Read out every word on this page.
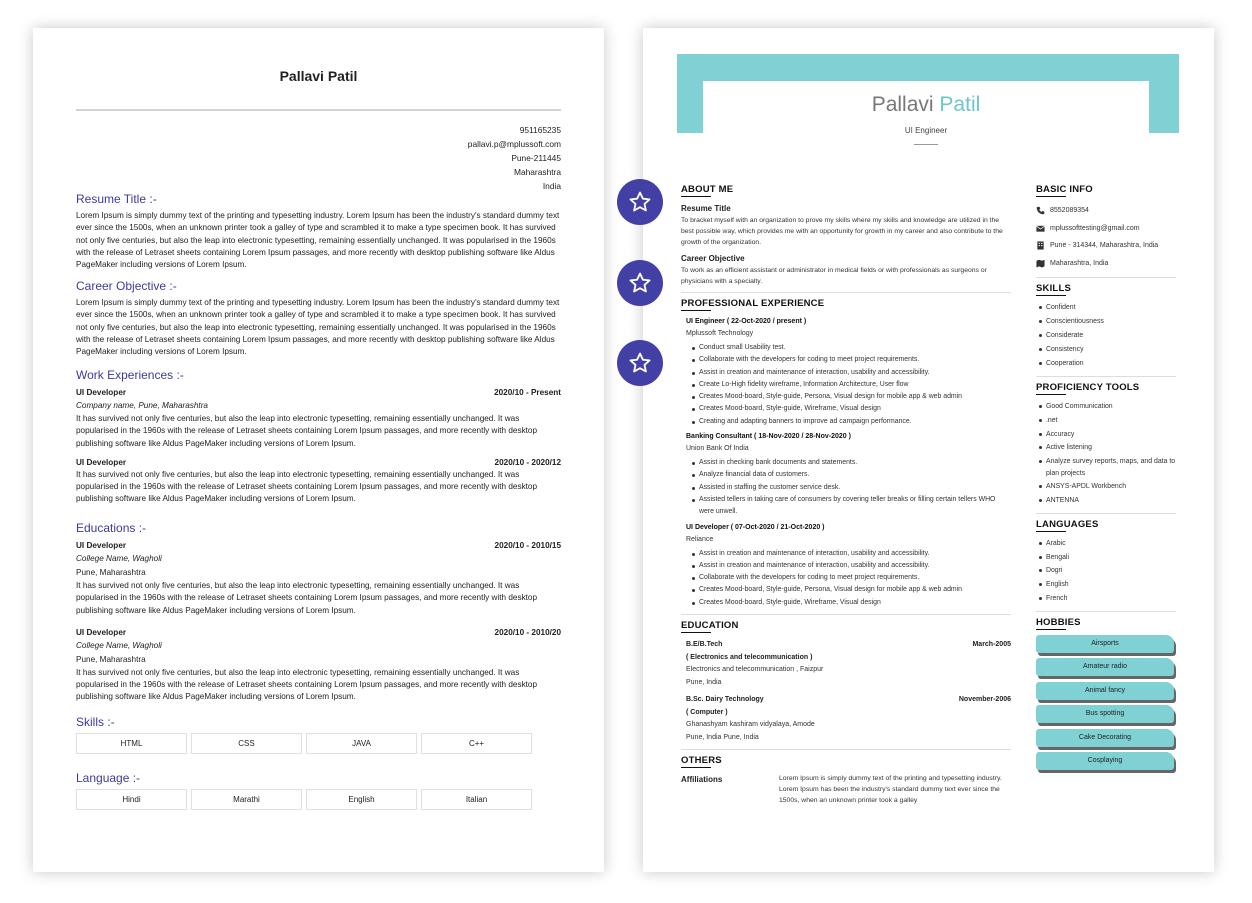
Pallavi Patil
951165235
pallavi.p@mplussoft.com
Pune-211445
Maharashtra
India
Resume Title :-
Lorem Ipsum is simply dummy text of the printing and typesetting industry. Lorem Ipsum has been the industry's standard dummy text ever since the 1500s, when an unknown printer took a galley of type and scrambled it to make a type specimen book. It has survived not only five centuries, but also the leap into electronic typesetting, remaining essentially unchanged. It was popularised in the 1960s with the release of Letraset sheets containing Lorem Ipsum passages, and more recently with desktop publishing software like Aldus PageMaker including versions of Lorem Ipsum.
Career Objective :-
Lorem Ipsum is simply dummy text of the printing and typesetting industry. Lorem Ipsum has been the industry's standard dummy text ever since the 1500s, when an unknown printer took a galley of type and scrambled it to make a type specimen book. It has survived not only five centuries, but also the leap into electronic typesetting, remaining essentially unchanged. It was popularised in the 1960s with the release of Letraset sheets containing Lorem Ipsum passages, and more recently with desktop publishing software like Aldus PageMaker including versions of Lorem Ipsum.
Work Experiences :-
UI Developer	2020/10 - Present
Company name, Pune, Maharashtra
It has survived not only five centuries, but also the leap into electronic typesetting, remaining essentially unchanged. It was popularised in the 1960s with the release of Letraset sheets containing Lorem Ipsum passages, and more recently with desktop publishing software like Aldus PageMaker including versions of Lorem Ipsum.
UI Developer	2020/10 - 2020/12
It has survived not only five centuries, but also the leap into electronic typesetting, remaining essentially unchanged. It was popularised in the 1960s with the release of Letraset sheets containing Lorem Ipsum passages, and more recently with desktop publishing software like Aldus PageMaker including versions of Lorem Ipsum.
Educations :-
UI Developer	2020/10 - 2010/15
College Name, Wagholi
Pune, Maharashtra
It has survived not only five centuries, but also the leap into electronic typesetting, remaining essentially unchanged. It was popularised in the 1960s with the release of Letraset sheets containing Lorem Ipsum passages, and more recently with desktop publishing software like Aldus PageMaker including versions of Lorem Ipsum.
UI Developer	2020/10 - 2010/20
College Name, Wagholi
Pune, Maharashtra
It has survived not only five centuries, but also the leap into electronic typesetting, remaining essentially unchanged. It was popularised in the 1960s with the release of Letraset sheets containing Lorem Ipsum passages, and more recently with desktop publishing software like Aldus PageMaker including versions of Lorem Ipsum.
Skills :-
HTML	CSS	JAVA	C++
Language :-
Hindi	Marathi	English	Italian
Pallavi Patil
UI Engineer
ABOUT ME
Resume Title
To bracket myself with an organization to prove my skills where my skills and knowledge are utilized in the best possible way, which provides me with an opportunity for growth in my career and also contribute to the growth of the organization.
Career Objective
To work as an efficient assistant or administrator in medical fields or with professionals as surgeons or physicians with a specialty.
PROFESSIONAL EXPERIENCE
UI Engineer ( 22-Oct-2020 / present )
Mplussoft Technology
Conduct small Usability test.
Collaborate with the developers for coding to meet project requirements.
Assist in creation and maintenance of interaction, usability and accessibility.
Create Lo-High fidelity wireframe, Information Architecture, User flow
Creates Mood-board, Style-guide, Persona, Visual design for mobile app & web admin
Creates Mood-board, Style-guide, Wireframe, Visual design
Creating and adapting banners to improve ad campaign performance.
Banking Consultant ( 18-Nov-2020 / 28-Nov-2020 )
Union Bank Of India
Assist in checking bank documents and statements.
Analyze financial data of customers.
Assisted in staffing the customer service desk.
Assisted tellers in taking care of consumers by covering teller breaks or filling certain tellers WHO were unwell.
UI Developer ( 07-Oct-2020 / 21-Oct-2020 )
Reliance
Assist in creation and maintenance of interaction, usability and accessibility.
Assist in creation and maintenance of interaction, usability and accessibility.
Collaborate with the developers for coding to meet project requirements.
Creates Mood-board, Style-guide, Persona, Visual design for mobile app & web admin
Creates Mood-board, Style-guide, Wireframe, Visual design
EDUCATION
B.E/B.Tech	March-2005
( Electronics and telecommunication )
Electronics and telecommunication , Faizpur
Pune, India
B.Sc. Dairy Technology	November-2006
( Computer )
Ghanashyam kashiram vidyalaya, Amode
Pune, India Pune, India
OTHERS
Affiliations	Lorem Ipsum is simply dummy text of the printing and typesetting industry. Lorem Ipsum has been the industry's standard dummy text ever since the 1500s, when an unknown printer took a galley
BASIC INFO
8552089354
mplussofttesting@gmail.com
Pune - 314344, Maharashtra, India
Maharashtra, India
SKILLS
Confident
Conscientiousness
Considerate
Consistency
Cooperation
PROFICIENCY TOOLS
Good Communication
.net
Accuracy
Active listening
Analyze survey reports, maps, and data to plan projects
ANSYS-APDL Workbench
ANTENNA
LANGUAGES
Arabic
Bengali
Dogri
English
French
HOBBIES
Airsports
Amateur radio
Animal fancy
Bus spotting
Cake Decorating
Cosplaying
